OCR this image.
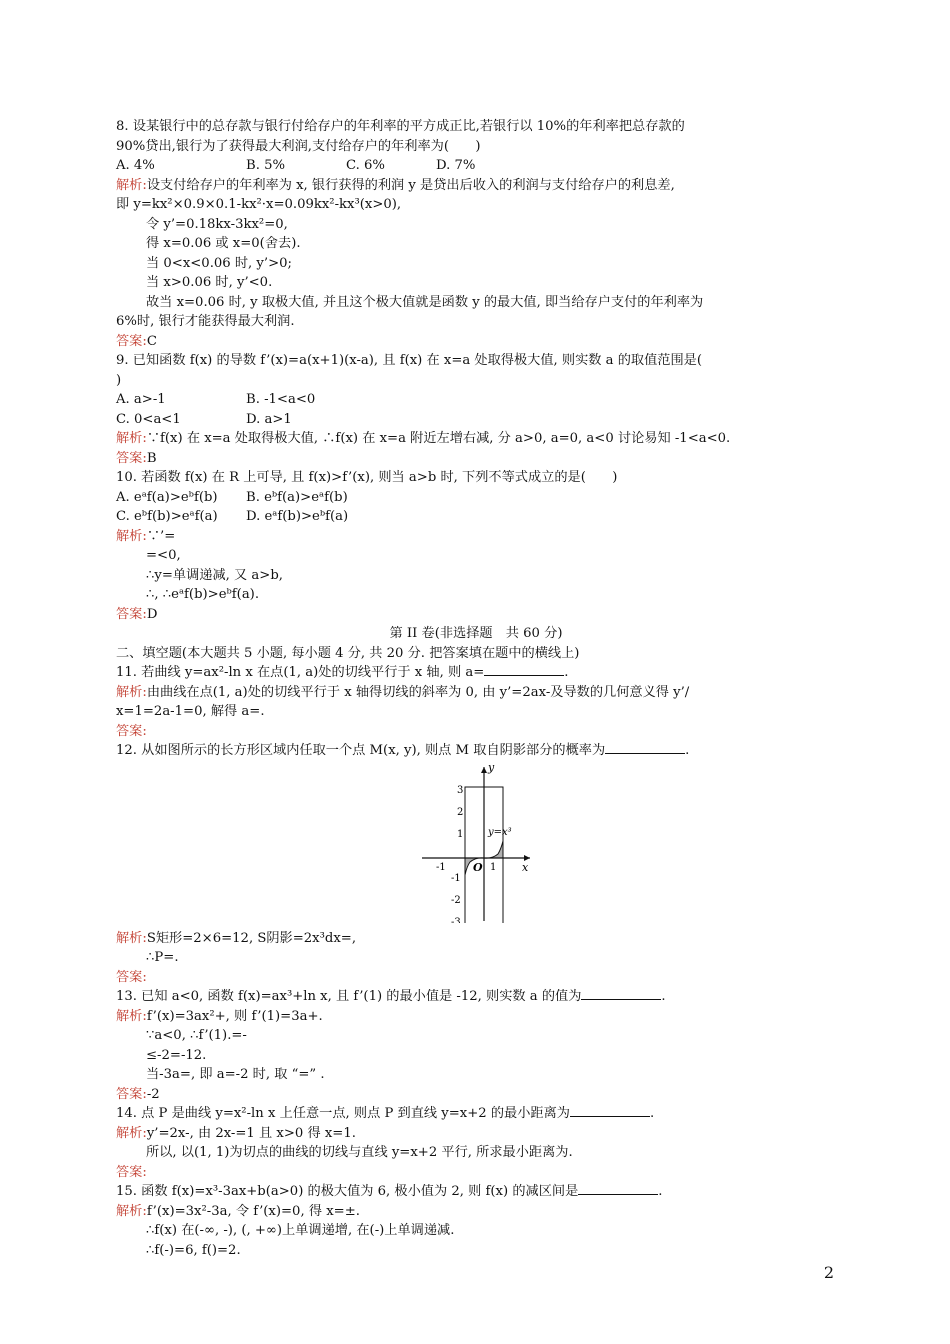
8. 设某银行中的总存款与银行付给存户的年利率的平方成正比,若银行以 10%的年利率把总存款的
90%贷出,银行为了获得最大利润,支付给存户的年利率为(　　)
A. 4%	B. 5%	C. 6%	D. 7%
解析:设支付给存户的年利率为 x, 银行获得的利润 y 是贷出后收入的利润与支付给存户的利息差,
即 y=kx²×0.9×0.1-kx²·x=0.09kx²-kx³(x>0),
令 y’=0.18kx-3kx²=0,
得 x=0.06 或 x=0(舍去).
当 0<x<0.06 时, y’>0;
当 x>0.06 时, y’<0.
故当 x=0.06 时, y 取极大值, 并且这个极大值就是函数 y 的最大值, 即当给存户支付的年利率为
6%时, 银行才能获得最大利润.
答案:C
9. 已知函数 f(x) 的导数 f’(x)=a(x+1)(x-a), 且 f(x) 在 x=a 处取得极大值, 则实数 a 的取值范围是(
)
A. a>-1	B. -1<a<0
C. 0<a<1	D. a>1
解析:∵f(x) 在 x=a 处取得极大值, ∴f(x) 在 x=a 附近左增右减, 分 a>0, a=0, a<0 讨论易知 -1<a<0.
答案:B
10. 若函数 f(x) 在 R 上可导, 且 f(x)>f’(x), 则当 a>b 时, 下列不等式成立的是(　　)
A. eᵃf(a)>eᵇf(b)	B. eᵇf(a)>eᵃf(b)
C. eᵇf(b)>eᵃf(a)	D. eᵃf(b)>eᵇf(a)
解析:∵’=
=<0,
∴y=单调递减, 又 a>b,
∴, ∴eᵃf(b)>eᵇf(a).
答案:D
第 II 卷(非选择题　共 60 分)
二、填空题(本大题共 5 小题, 每小题 4 分, 共 20 分. 把答案填在题中的横线上)
11. 若曲线 y=ax²-ln x 在点(1, a)处的切线平行于 x 轴, 则 a=	.
解析:由曲线在点(1, a)处的切线平行于 x 轴得切线的斜率为 0, 由 y’=2ax-及导数的几何意义得 y’/
x=1=2a-1=0, 解得 a=.
答案:
12. 从如图所示的长方形区域内任取一个点 M(x, y), 则点 M 取自阴影部分的概率为	.
y
x
O
3
2
1
-1
-2
-3
-1	1
y=x³
解析:S矩形=2×6=12, S阴影=2x³dx=,
∴P=.
答案:
13. 已知 a<0, 函数 f(x)=ax³+ln x, 且 f’(1) 的最小值是 -12, 则实数 a 的值为	.
解析:f’(x)=3ax²+, 则 f’(1)=3a+.
∵a<0, ∴f’(1).=-
≤-2=-12.
当-3a=, 即 a=-2 时, 取 “=” .
答案:-2
14. 点 P 是曲线 y=x²-ln x 上任意一点, 则点 P 到直线 y=x+2 的最小距离为	.
解析:y’=2x-, 由 2x-=1 且 x>0 得 x=1.
所以, 以(1, 1)为切点的曲线的切线与直线 y=x+2 平行, 所求最小距离为.
答案:
15. 函数 f(x)=x³-3ax+b(a>0) 的极大值为 6, 极小值为 2, 则 f(x) 的减区间是	.
解析:f’(x)=3x²-3a, 令 f’(x)=0, 得 x=±.
∴f(x) 在(-∞, -), (, +∞)上单调递增, 在(-)上单调递减.
∴f(-)=6, f()=2.
2
